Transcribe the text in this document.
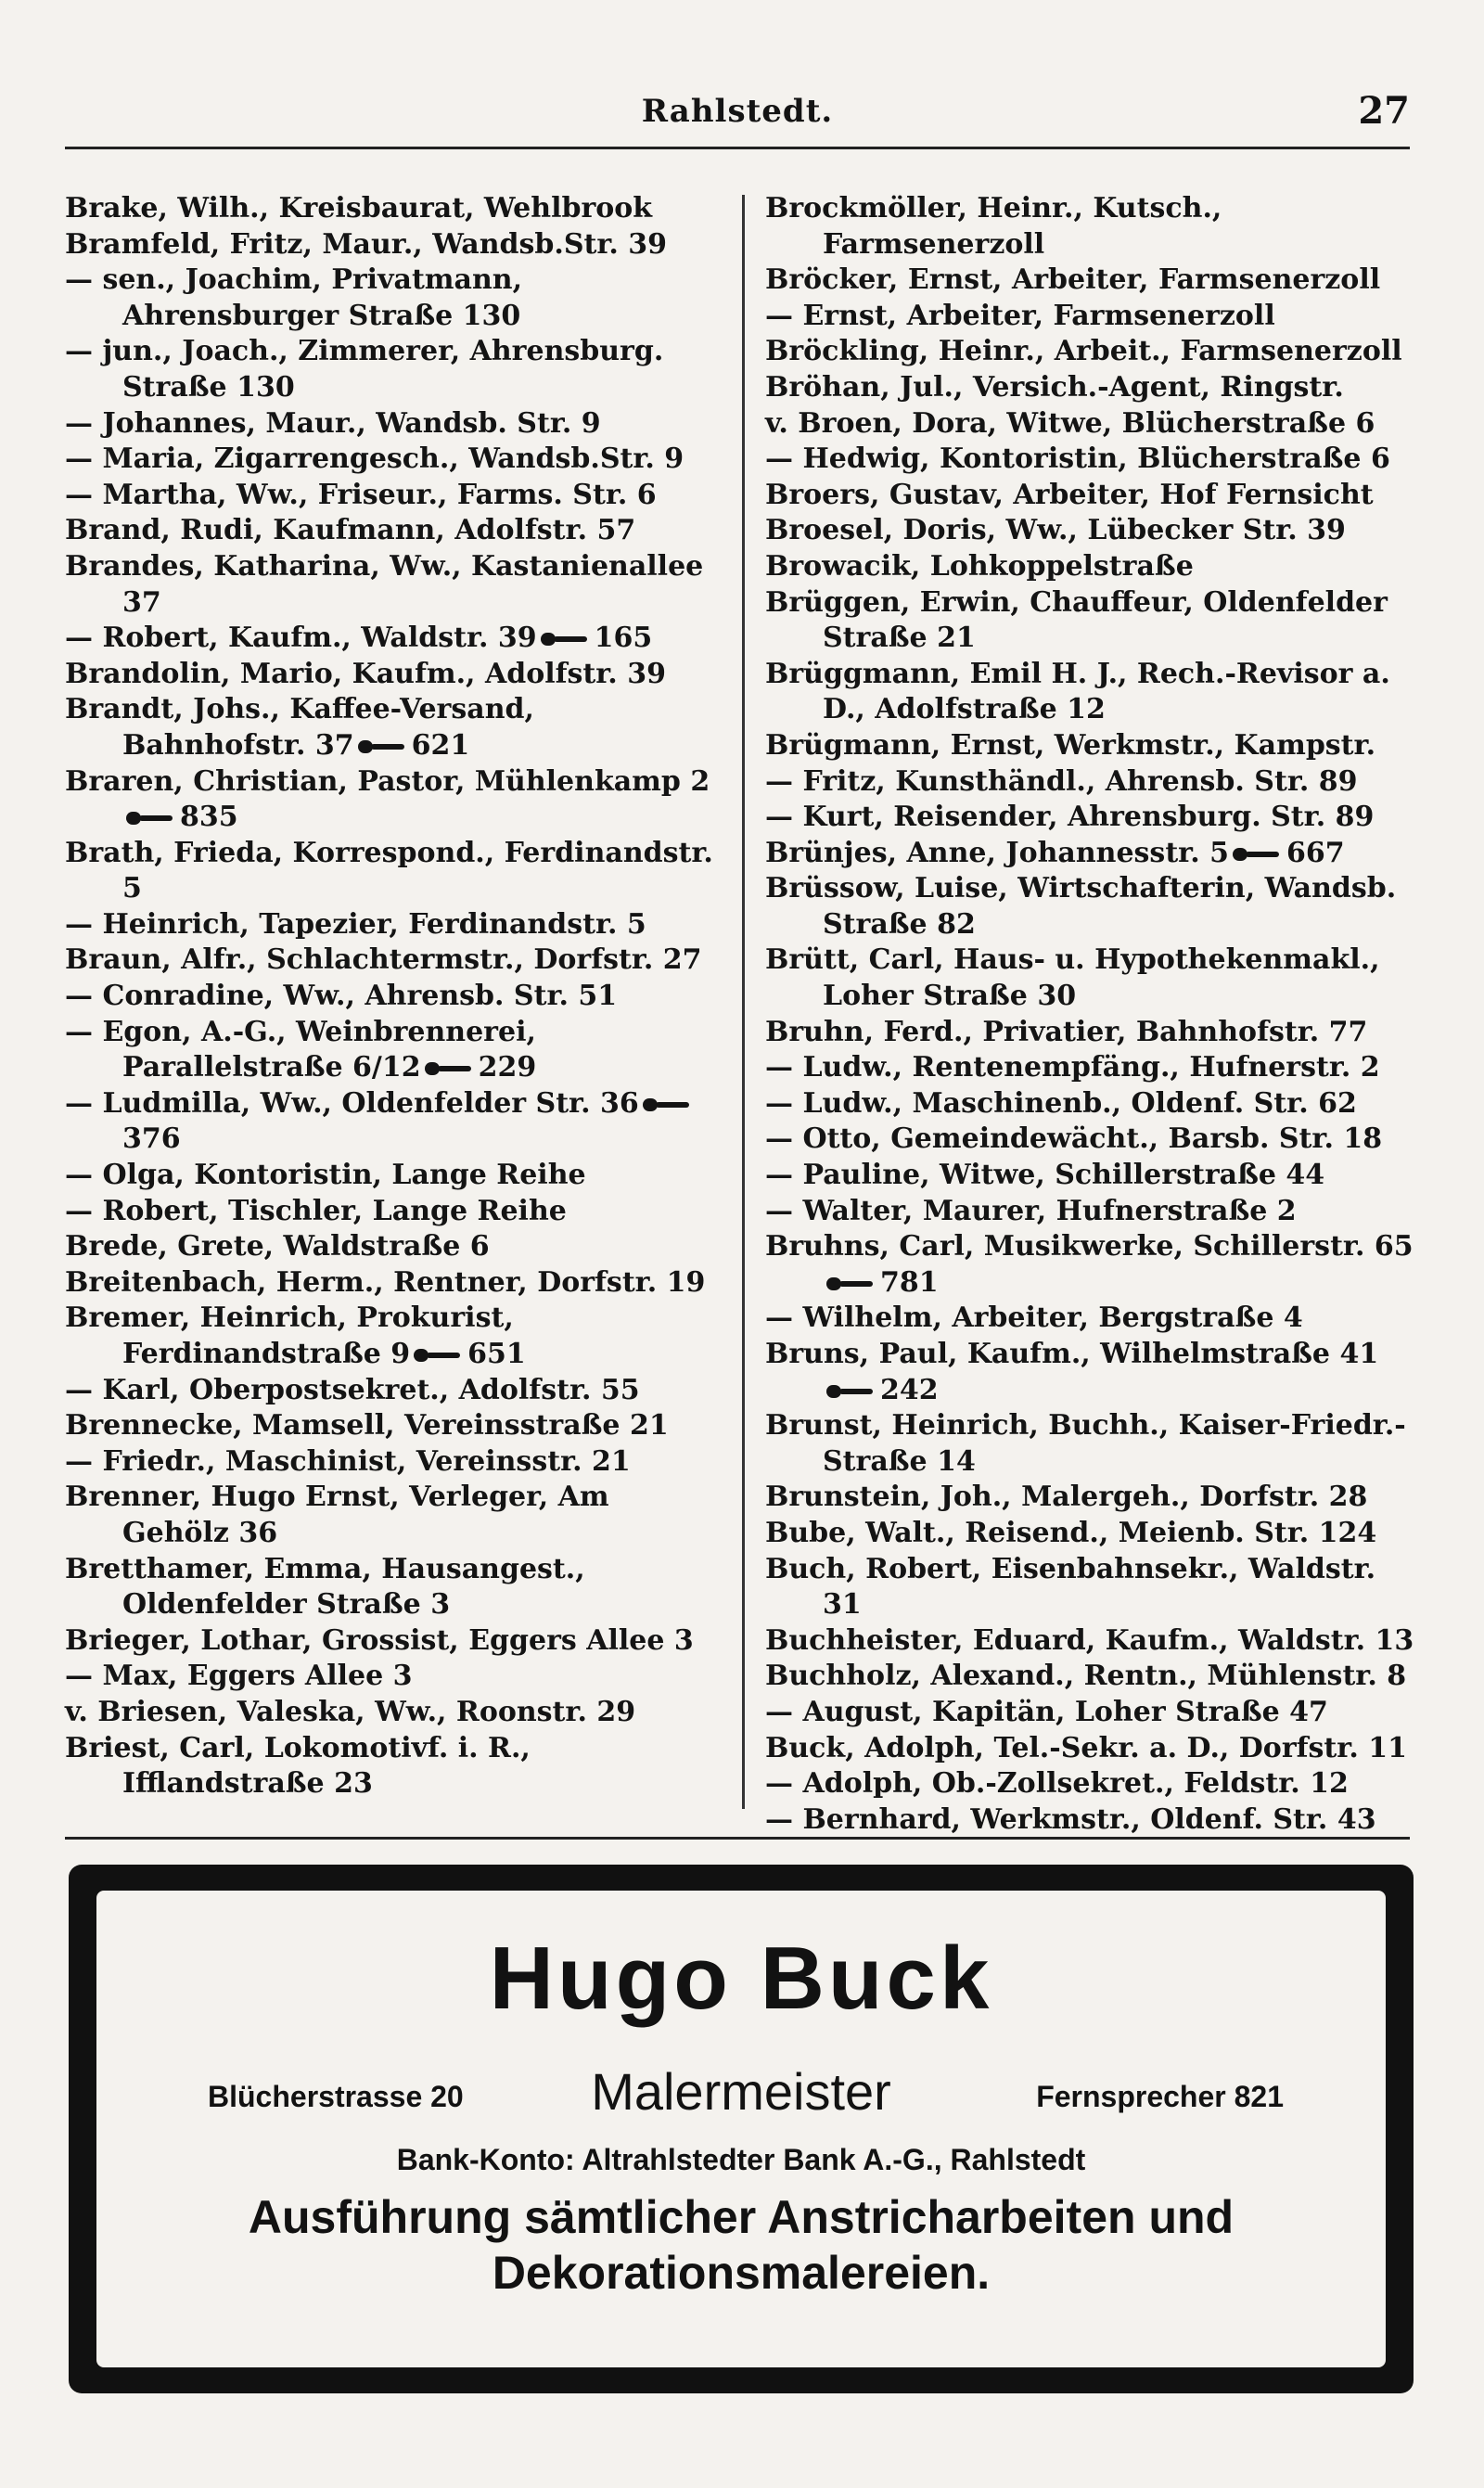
Rahlstedt.	27

Brake, Wilh., Kreisbaurat, Wehlbrook

Bramfeld, Fritz, Maur., Wandsb.Str. 39

— sen., Joachim, Privatmann, Ahrensburger Straße 130

— jun., Joach., Zimmerer, Ahrensburg. Straße 130

— Johannes, Maur., Wandsb. Str. 9

— Maria, Zigarrengesch., Wandsb.Str. 9

— Martha, Ww., Friseur., Farms. Str. 6

Brand, Rudi, Kaufmann, Adolfstr. 57

Brandes, Katharina, Ww., Kastanienallee 37

— Robert, Kaufm., Waldstr. 39 165

Brandolin, Mario, Kaufm., Adolfstr. 39

Brandt, Johs., Kaffee-Versand, Bahnhofstr. 37 621

Braren, Christian, Pastor, Mühlenkamp 2835

Brath, Frieda, Korrespond., Ferdinandstr. 5

— Heinrich, Tapezier, Ferdinandstr. 5

Braun, Alfr., Schlachtermstr., Dorfstr. 27

— Conradine, Ww., Ahrensb. Str. 51

— Egon, A.-G., Weinbrennerei, Parallelstraße 6/12 229

— Ludmilla, Ww., Oldenfelder Str. 36376

— Olga, Kontoristin, Lange Reihe

— Robert, Tischler, Lange Reihe

Brede, Grete, Waldstraße 6

Breitenbach, Herm., Rentner, Dorfstr. 19

Bremer, Heinrich, Prokurist, Ferdinandstraße 9 651

— Karl, Oberpostsekret., Adolfstr. 55

Brennecke, Mamsell, Vereinsstraße 21

— Friedr., Maschinist, Vereinsstr. 21

Brenner, Hugo Ernst, Verleger, Am Gehölz 36

Bretthamer, Emma, Hausangest., Oldenfelder Straße 3

Brieger, Lothar, Grossist, Eggers Allee 3

— Max, Eggers Allee 3

v. Briesen, Valeska, Ww., Roonstr. 29

Briest, Carl, Lokomotivf. i. R., Ifflandstraße 23

Brockmöller, Heinr., Kutsch., Farmsenerzoll

Bröcker, Ernst, Arbeiter, Farmsenerzoll

— Ernst, Arbeiter, Farmsenerzoll

Bröckling, Heinr., Arbeit., Farmsenerzoll

Bröhan, Jul., Versich.-Agent, Ringstr.

v. Broen, Dora, Witwe, Blücherstraße 6

— Hedwig, Kontoristin, Blücherstraße 6

Broers, Gustav, Arbeiter, Hof Fernsicht

Broesel, Doris, Ww., Lübecker Str. 39

Browacik, Lohkoppelstraße

Brüggen, Erwin, Chauffeur, Oldenfelder Straße 21

Brüggmann, Emil H. J., Rech.-Revisor a. D., Adolfstraße 12

Brügmann, Ernst, Werkmstr., Kampstr.

— Fritz, Kunsthändl., Ahrensb. Str. 89

— Kurt, Reisender, Ahrensburg. Str. 89

Brünjes, Anne, Johannesstr. 5 667

Brüssow, Luise, Wirtschafterin, Wandsb. Straße 82

Brütt, Carl, Haus- u. Hypothekenmakl., Loher Straße 30

Bruhn, Ferd., Privatier, Bahnhofstr. 77

— Ludw., Rentenempfäng., Hufnerstr. 2

— Ludw., Maschinenb., Oldenf. Str. 62

— Otto, Gemeindewächt., Barsb. Str. 18

— Pauline, Witwe, Schillerstraße 44

— Walter, Maurer, Hufnerstraße 2

Bruhns, Carl, Musikwerke, Schillerstr. 65781

— Wilhelm, Arbeiter, Bergstraße 4

Bruns, Paul, Kaufm., Wilhelmstraße 41242

Brunst, Heinrich, Buchh., Kaiser-Friedr.-Straße 14

Brunstein, Joh., Malergeh., Dorfstr. 28

Bube, Walt., Reisend., Meienb. Str. 124

Buch, Robert, Eisenbahnsekr., Waldstr. 31

Buchheister, Eduard, Kaufm., Waldstr. 13

Buchholz, Alexand., Rentn., Mühlenstr. 8

— August, Kapitän, Loher Straße 47

Buck, Adolph, Tel.-Sekr. a. D., Dorfstr. 11

— Adolph, Ob.-Zollsekret., Feldstr. 12

— Bernhard, Werkmstr., Oldenf. Str. 43

Hugo Buck
Blücherstrasse 20	Malermeister	Fernsprecher 821
Bank-Konto: Altrahlstedter Bank A.-G., Rahlstedt
Ausführung sämtlicher Anstricharbeiten und
Dekorationsmalereien.
